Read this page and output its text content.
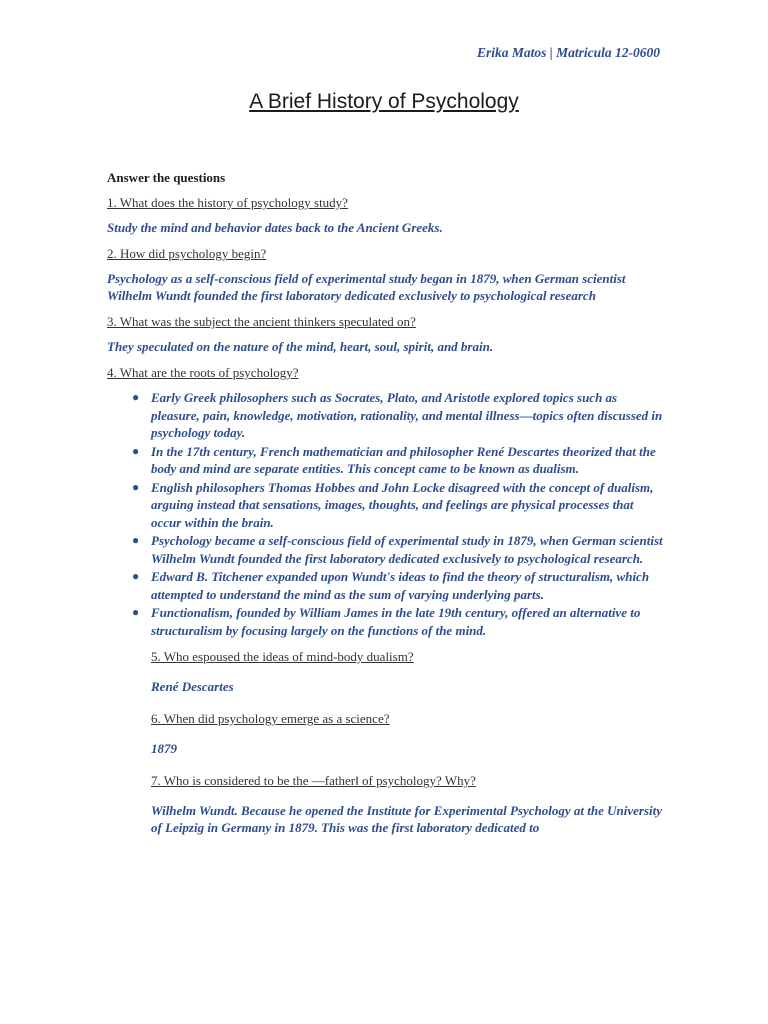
Erika Matos | Matricula 12-0600
A Brief History of Psychology

Answer the questions

1. What does the history of psychology study?

Study the mind and behavior dates back to the Ancient Greeks.

2. How did psychology begin?

Psychology as a self-conscious field of experimental study began in 1879, when German scientist Wilhelm Wundt founded the first laboratory dedicated exclusively to psychological research

3. What was the subject the ancient thinkers speculated on?

They speculated on the nature of the mind, heart, soul, spirit, and brain.

4. What are the roots of psychology?

● Early Greek philosophers such as Socrates, Plato, and Aristotle explored topics such as pleasure, pain, knowledge, motivation, rationality, and mental illness—topics often discussed in psychology today.
● In the 17th century, French mathematician and philosopher René Descartes theorized that the body and mind are separate entities. This concept came to be known as dualism.
● English philosophers Thomas Hobbes and John Locke disagreed with the concept of dualism, arguing instead that sensations, images, thoughts, and feelings are physical processes that occur within the brain.
● Psychology became a self-conscious field of experimental study in 1879, when German scientist Wilhelm Wundt founded the first laboratory dedicated exclusively to psychological research.
● Edward B. Titchener expanded upon Wundt's ideas to find the theory of structuralism, which attempted to understand the mind as the sum of varying underlying parts.
● Functionalism, founded by William James in the late 19th century, offered an alternative to structuralism by focusing largely on the functions of the mind.

5. Who espoused the ideas of mind-body dualism?

René Descartes

6. When did psychology emerge as a science?

1879

7. Who is considered to be the ―father‖ of psychology? Why?

Wilhelm Wundt. Because he opened the Institute for Experimental Psychology at the University of Leipzig in Germany in 1879. This was the first laboratory dedicated to
